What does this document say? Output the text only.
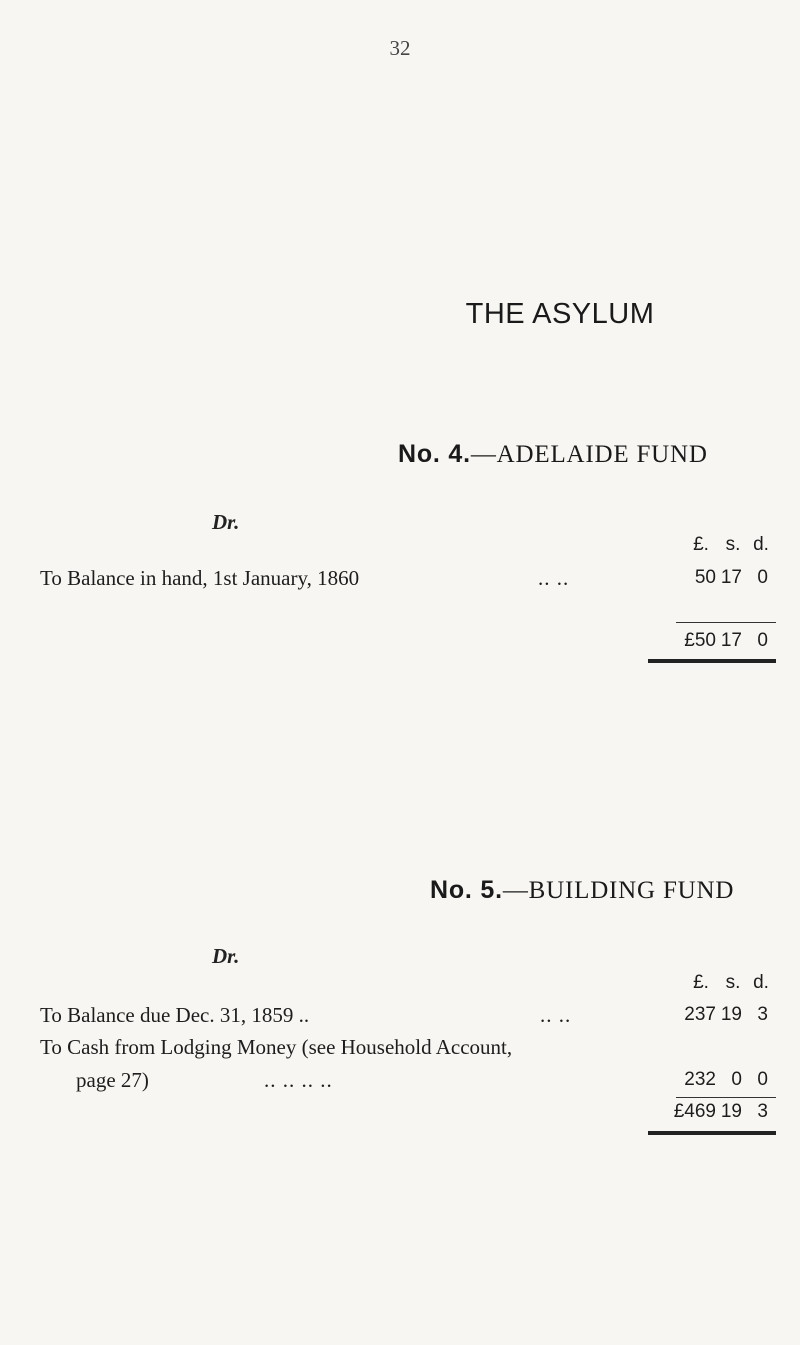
32
THE ASYLUM
No. 4.—ADELAIDE FUND
Dr.
£. s. d.
To Balance in hand, 1st January, 1860	.. ..	50 17 0
£50 17 0
No. 5.—BUILDING FUND
Dr.
£. s. d.
To Balance due Dec. 31, 1859 ..	.. ..	237 19 3
To Cash from Lodging Money (see Household Account,
page 27)	.. .. .. ..	232 0 0
£469 19 3
